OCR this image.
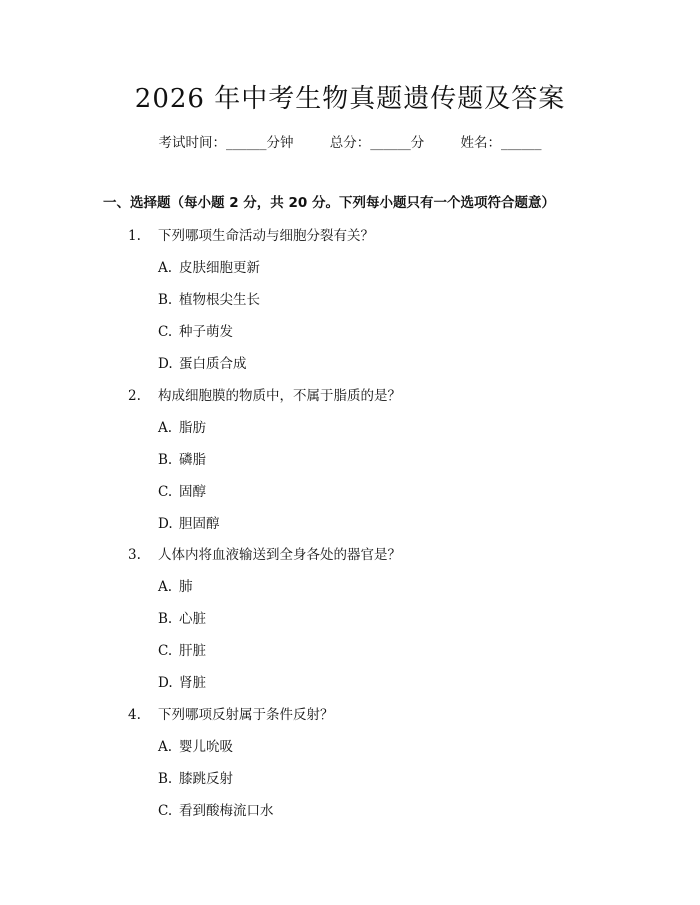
2026 年中考生物真题遗传题及答案
考试时间：______分钟	总分：______分	姓名：______
一、选择题（每小题 2 分，共 20 分。下列每小题只有一个选项符合题意）
1. 下列哪项生命活动与细胞分裂有关？
A. 皮肤细胞更新
B. 植物根尖生长
C. 种子萌发
D. 蛋白质合成
2. 构成细胞膜的物质中，不属于脂质的是？
A. 脂肪
B. 磷脂
C. 固醇
D. 胆固醇
3. 人体内将血液输送到全身各处的器官是？
A. 肺
B. 心脏
C. 肝脏
D. 肾脏
4. 下列哪项反射属于条件反射？
A. 婴儿吮吸
B. 膝跳反射
C. 看到酸梅流口水
